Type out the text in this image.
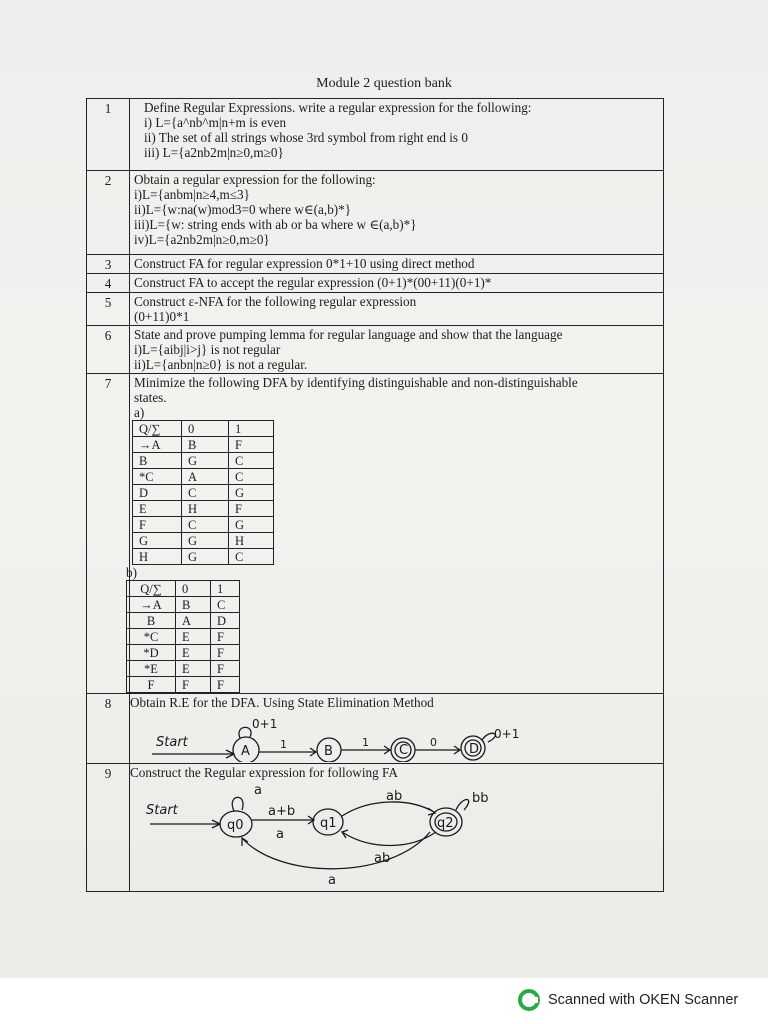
Module 2 question bank
1	Define Regular Expressions. write a regular expression for the following:

i) L={a^nb^m|n+m is even

ii) The set of all strings whose 3rd symbol from right end is 0

iii) L={a2nb2m|n≥0,m≥0}

2	Obtain a regular expression for the following:

i)L={anbm|n≥4,m≤3}

ii)L={w:na(w)mod3=0 where w∈(a,b)*}

iii)L={w: string ends with ab or ba where w ∈(a,b)*}

iv)L={a2nb2m|n≥0,m≥0}

3	Construct FA for regular expression 0*1+10 using direct method

4	Construct FA to accept the regular expression (0+1)*(00+11)(0+1)*

5	Construct ε-NFA for the following regular expression

(0+11)0*1

6	State and prove pumping lemma for regular language and show that the language

i)L={aibj|i>j} is not regular

ii)L={anbn|n≥0} is not a regular.

7	Minimize the following DFA by identifying distinguishable and non-distinguishable

states.

a)

Q/∑	0	1
→A	B	F
B	G	C
*C	A	C
D	C	G
E	H	F
F	C	G
G	G	H
H	G	C

b)

Q/∑	0	1
→A	B	C
B	A	D
*C	E	F
*D	E	F
*E	E	F
F	F	F

8	Obtain R.E for the DFA. Using State Elimination Method

Start
A	B	C	D
0+1
1	1	0
0+1

9	Construct the Regular expression for following FA

Start
q0	q1	q2
a
a+b
a
ab
ab
bb
a
Scanned with OKEN Scanner
